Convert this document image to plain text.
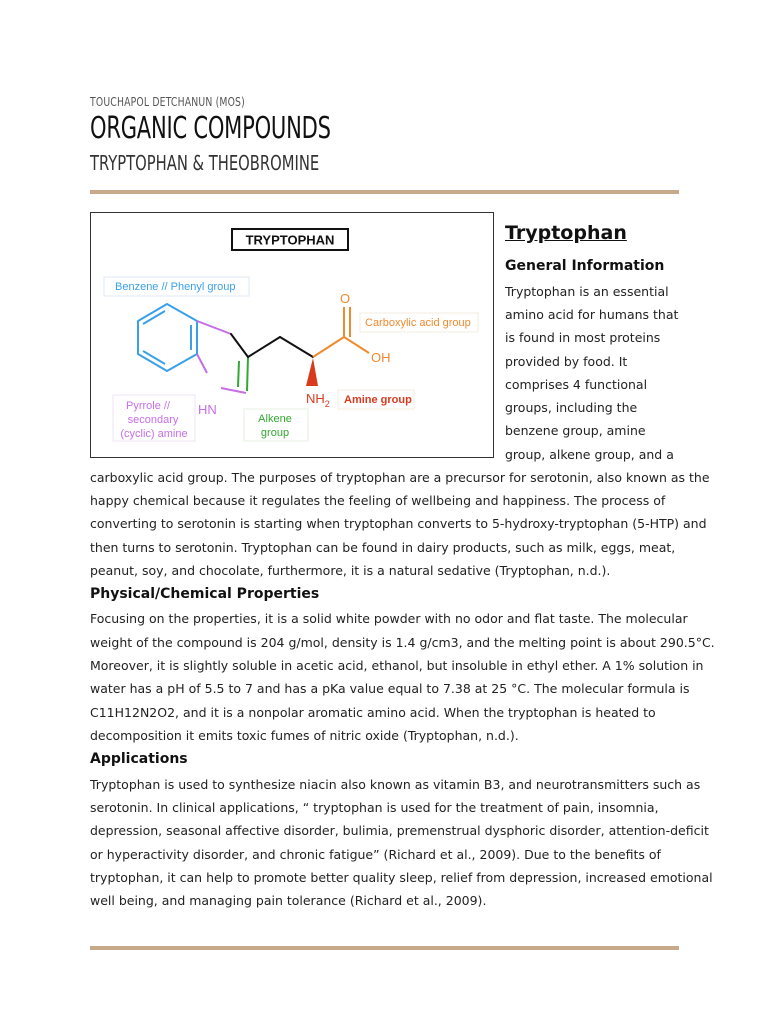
TOUCHAPOL DETCHANUN (MOS)
ORGANIC COMPOUNDS
TRYPTOPHAN & THEOBROMINE
TRYPTOPHAN
Benzene // Phenyl group
Carboxylic acid group
Amine group
Pyrrole //
secondary
(cyclic) amine
Alkene
group
O
OH
$NH_2$
HN
Tryptophan
General Information
Tryptophan is an essential
amino acid for humans that
is found in most proteins
provided by food. It
comprises 4 functional
groups, including the
benzene group, amine
group, alkene group, and a
carboxylic acid group. The purposes of tryptophan are a precursor for serotonin, also known as the
happy chemical because it regulates the feeling of wellbeing and happiness. The process of
converting to serotonin is starting when tryptophan converts to 5-hydroxy-tryptophan (5-HTP) and
then turns to serotonin. Tryptophan can be found in dairy products, such as milk, eggs, meat,
peanut, soy, and chocolate, furthermore, it is a natural sedative (Tryptophan, n.d.).
Physical/Chemical Properties
Focusing on the properties, it is a solid white powder with no odor and flat taste. The molecular
weight of the compound is 204 g/mol, density is 1.4 g/cm3, and the melting point is about 290.5°C.
Moreover, it is slightly soluble in acetic acid, ethanol, but insoluble in ethyl ether. A 1% solution in
water has a pH of 5.5 to 7 and has a pKa value equal to 7.38 at 25 °C. The molecular formula is
C11H12N2O2, and it is a nonpolar aromatic amino acid. When the tryptophan is heated to
decomposition it emits toxic fumes of nitric oxide (Tryptophan, n.d.).
Applications
Tryptophan is used to synthesize niacin also known as vitamin B3, and neurotransmitters such as
serotonin. In clinical applications, “ tryptophan is used for the treatment of pain, insomnia,
depression, seasonal affective disorder, bulimia, premenstrual dysphoric disorder, attention-deficit
or hyperactivity disorder, and chronic fatigue” (Richard et al., 2009). Due to the benefits of
tryptophan, it can help to promote better quality sleep, relief from depression, increased emotional
well being, and managing pain tolerance (Richard et al., 2009).
